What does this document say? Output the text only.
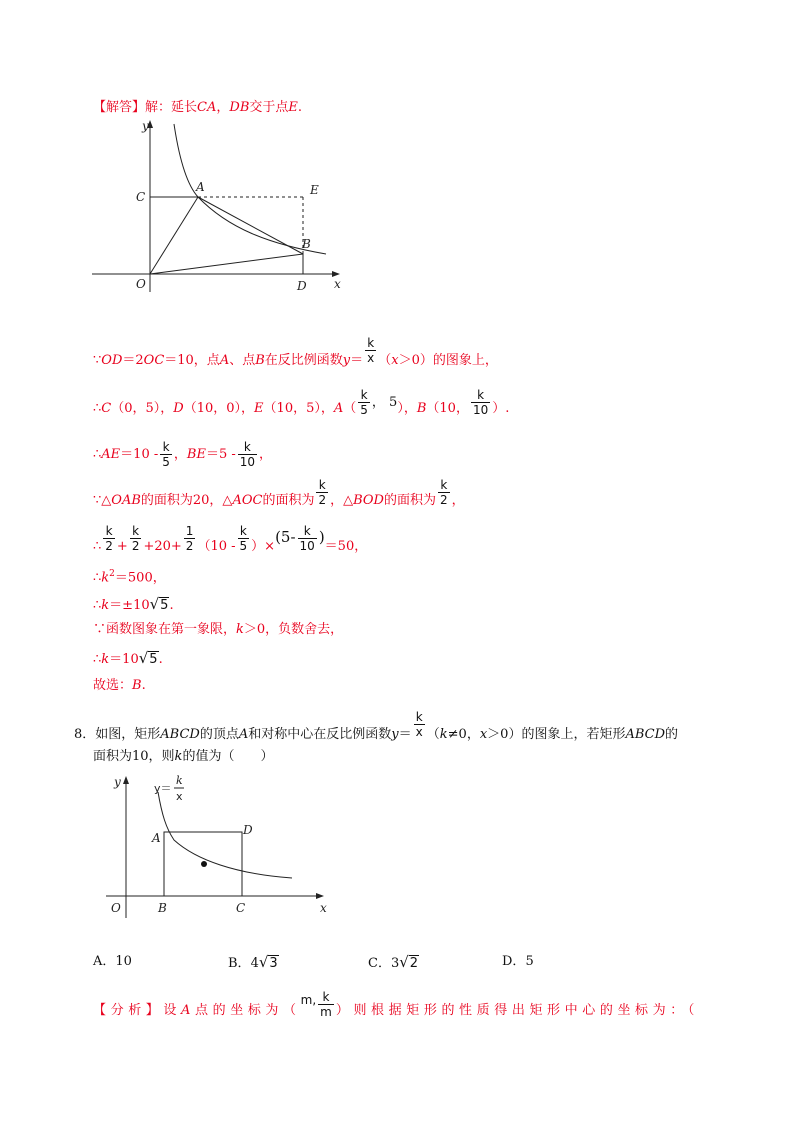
【解答】解：延长CA，DB交于点E.
y
x
O
C
A	E
B
D
∵OD＝2OC＝10，点A、点B在反比例函数$y= \frac{k}{x} (x>0)$的图象上，
∴C（0，5），D（10，0），E（10，5），$A( \frac{k}{5}$ ， 5），B（10， $\frac{k}{10}$ ）.
∴AE＝10 - $\frac{k}{5}$ ，$BE=5 - \frac{k}{10}$ ，
∵△OAB的面积为20，△AOC的面积为 $\frac{k}{2}$ ，△BOD的面积为 $\frac{k}{2}$ ，
∴ $\frac{k}{2} + \frac{k}{2} +20+ \frac{1}{2} (10 - \frac{k}{5} )\times(5- \frac{k}{10} )=50$，
$\therefore k^2=500$，
∴k＝±10√5.
∵函数图象在第一象限，k＞0，负数舍去，
∴k＝10√5.
故选：B.
8．如图，矩形ABCD的顶点A和对称中心在反比例函数$y= \frac{k}{x} (k\ne 0$，x＞0）的图象上，若矩形ABCD的
面积为10，则k的值为（　　）
y
x
O
A
D
B	C
y＝
k
x
A．10	B．4√3	C．3√2	D．5
【分析】设A点的坐标为（m, $\frac{k}{m}$ ）则根据矩形的性质得出矩形中心的坐标为：（
